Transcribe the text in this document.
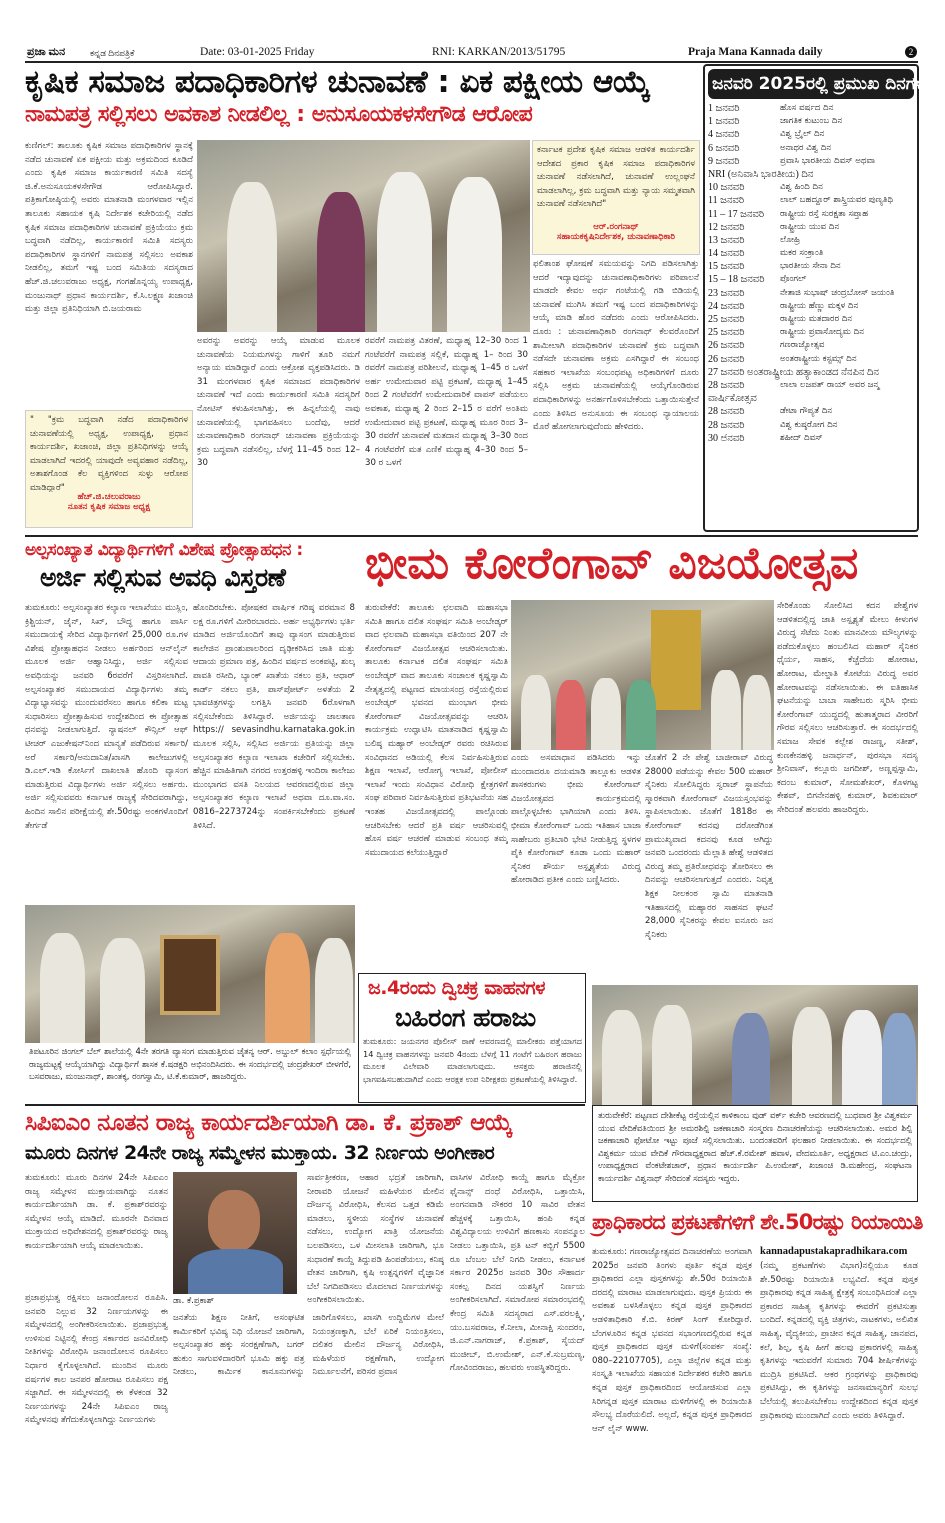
ಪ್ರಜಾ ಮನ	ಕನ್ನಡ ದಿನಪತ್ರಿಕೆ	Date: 03-01-2025 Friday	RNI: KARKAN/2013/51795	Praja Mana Kannada daily	2
ಕೃಷಿಕ ಸಮಾಜ ಪದಾಧಿಕಾರಿಗಳ ಚುನಾವಣೆ : ಏಕ ಪಕ್ಷೀಯ ಆಯ್ಕೆ
ನಾಮಪತ್ರ ಸಲ್ಲಿಸಲು ಅವಕಾಶ ನೀಡಲಿಲ್ಲ : ಅನುಸೂಯಕಳಸೇಗೌಡ ಆರೋಪ
ಕುಣಿಗಲ್: ತಾಲೂಕು ಕೃಷಿಕ ಸಮಾಜ ಪದಾಧಿಕಾರಿಗಳ ಸ್ಥಾನಕ್ಕೆ ನಡೆದ ಚುನಾವಣೆ ಏಕ ಪಕ್ಷೀಯ ಮತ್ತು ಅಕ್ರಮದಿಂದ ಕೂಡಿದೆ ಎಂದು ಕೃಷಿಕ ಸಮಾಜ ಕಾರ್ಯಕಾರಣಿ ಸಮಿತಿ ಸದಸ್ಯೆ ಜಿ.ಕೆ.ಅನುಸೂಯಕಳಸೇಗೌಡ ಆರೋಪಿಸಿದ್ದಾರೆ. ಪತ್ರಿಕಾಗೋಷ್ಠಿಯಲ್ಲಿ ಅವರು ಮಾತನಾಡಿ ಮಂಗಳವಾರ ಇಲ್ಲಿನ ತಾಲೂಕು ಸಹಾಯಕ ಕೃಷಿ ನಿರ್ದೇಶಕ ಕಚೇರಿಯಲ್ಲಿ ನಡೆದ ಕೃಷಿಕ ಸಮಾಜ ಪದಾಧಿಕಾರಿಗಳ ಚುನಾವಣೆ ಪ್ರಕ್ರಿಯೆಯು ಕ್ರಮ ಬದ್ಧವಾಗಿ ನಡೆದಿಲ್ಲ, ಕಾರ್ಯಕಾರಣಿ ಸಮಿತಿ ಸದಸ್ಯರು ಪದಾಧಿಕಾರಿಗಳ ಸ್ಥಾನಗಳಿಗೆ ನಾಮಪತ್ರ ಸಲ್ಲಿಸಲು ಅವಕಾಶ ನೀಡಲಿಲ್ಲ, ತಮಗೆ ಇಷ್ಟ ಬಂದ ಸಮಿತಿಯ ಸದಸ್ಯರಾದ ಹೆಚ್.ಜಿ.ಚಲುವರಾಜು ಅಧ್ಯಕ್ಷ, ಗಂಗಹೊನ್ನಯ್ಯ ಉಪಾಧ್ಯಕ್ಷ, ಮಂಜುನಾಥ್ ಪ್ರಧಾನ ಕಾರ್ಯದರ್ಶಿ, ಕೆ.ಸಿ.ಲಕ್ಷ್ಮಣ ಖಜಾಂಚಿ ಮತ್ತು ಜಿಲ್ಲಾ ಪ್ರತಿನಿಧಿಯಾಗಿ ಬಿ.ಜಯರಾಮ
" "ಕ್ರಮ ಬದ್ಧವಾಗಿ ನಡೆದ ಪದಾಧಿಕಾರಿಗಳ ಚುನಾವಣೆಯಲ್ಲಿ ಅಧ್ಯಕ್ಷ, ಉಪಾಧ್ಯಕ್ಷ, ಪ್ರಧಾನ ಕಾರ್ಯದರ್ಶಿ, ಖಜಾಂಚಿ, ಜಿಲ್ಲಾ ಪ್ರತಿನಿಧಿಗಳನ್ನು ಆಯ್ಕೆ ಮಾಡಲಾಗಿದೆ ಇದರಲ್ಲಿ ಯಾವುದೇ ಅವ್ಯವಹಾರ ನಡೆದಿಲ್ಲ, ಅತಾಶಗೊಂಡ ಕೆಲ ವ್ಯಕ್ತಿಗಳಿಂದ ಸುಳ್ಳು ಆರೋಪ ಮಾಡಿದ್ದಾರೆ"
ಹೆಚ್.ಜಿ.ಚಲುವರಾಜು
ನೂತನ ಕೃಷಿಕ ಸಮಾಜ ಅಧ್ಯಕ್ಷ
ಕರ್ನಾಟಕ ಪ್ರದೇಶ ಕೃಷಿಕ ಸಮಾಜ ಆಡಳಿತ ಕಾರ್ಯದರ್ಶಿ ಆದೇಶದ ಪ್ರಕಾರ ಕೃಷಿಕ ಸಮಾಜ ಪದಾಧಿಕಾರಿಗಳ ಚುನಾವಣೆ ನಡೆಸಲಾಗಿದೆ, ಚುನಾವಣೆ ಉಲ್ಲಂಘನೆ ಮಾಡಲಾಗಿಲ್ಲ, ಕ್ರಮ ಬದ್ಧವಾಗಿ ಮತ್ತು ನ್ಯಾಯ ಸಮ್ಮತವಾಗಿ ಚುನಾವಣೆ ನಡೆಸಲಾಗಿದೆ"
ಆರ್.ರಂಗನಾಥ್
ಸಹಾಯಕಕೃಷಿನಿರ್ದೇಶಕ, ಚುನಾವಣಾಧಿಕಾರಿ
ಅವರನ್ನು ಅವರನ್ನು ಆಯ್ಕೆ ಮಾಡುವ ಮೂಲಕ ಚುನಾವಣೆಯ ನಿಯಮಗಳನ್ನು ಗಾಳಿಗೆ ತೂರಿ ನಮಗೆ ಅನ್ಯಾಯ ಮಾಡಿದ್ದಾರೆ ಎಂದು ಆಕ್ರೋಶ ವ್ಯಕ್ತಪಡಿಸಿದರು. ಡಿ 31 ಮಂಗಳವಾರ ಕೃಷಿಕ ಸಮಾಜದ ಪದಾಧಿಕಾರಿಗಳ ಚುನಾವಣೆ ಇದೆ ಎಂದು ಕಾರ್ಯಕಾರಣಿ ಸಮಿತಿ ಸದಸ್ಯರಿಗೆ ನೋಟಿಸ್ ಕಳುಹಿಸಲಾಗಿತ್ತು, ಈ ಹಿನ್ನಲೆಯಲ್ಲಿ ನಾವು ಚುನಾವಣೆಯಲ್ಲಿ ಭಾಗವಹಿಸಲು ಬಂದೆವು, ಆದರೆ ಚುನಾವಣಾಧಿಕಾರಿ ರಂಗನಾಥ್ ಚುನಾವಣಾ ಪ್ರಕ್ರಿಯೆಯನ್ನು ಕ್ರಮ ಬದ್ಧವಾಗಿ ನಡೆಸಲಿಲ್ಲ, ಬೆಳಗ್ಗೆ 11–45 ರಿಂದ 12–30
ರವರೆಗೆ ನಾಮಪತ್ರ ವಿತರಣೆ, ಮಧ್ಯಾಹ್ನ 12–30 ರಿಂದ 1 ಗಂಟೆವರೆಗೆ ನಾಮಪತ್ರ ಸಲ್ಲಿಕೆ, ಮಧ್ಯಾಹ್ನ 1– ರಿಂದ 30 ರವರೆಗೆ ನಾಮಪತ್ರ ಪರಿಶೀಲನೆ, ಮಧ್ಯಾಹ್ನ 1–45 ರ ಒಳಗೆ ಅರ್ಹ ಉಮೇದುವಾರ ಪಟ್ಟಿ ಪ್ರಕಟಣೆ, ಮಧ್ಯಾಹ್ನ 1–45 ರಿಂದ 2 ಗಂಟೆವರೆಗೆ ಉಮೇದುವಾರಿಕೆ ವಾಪಸ್ ಪಡೆಯಲು ಅವಕಾಶ, ಮಧ್ಯಾಹ್ನ 2 ರಿಂದ 2–15 ರ ವರೆಗೆ ಅಂತಿಮ ಉಮೇದುವಾರ ಪಟ್ಟಿ ಪ್ರಕಟಣೆ, ಮಧ್ಯಾಹ್ನ ಮೂರ ರಿಂದ 3–30 ರವರೆಗೆ ಚುನಾವಣೆ ಮತದಾನ ಮಧ್ಯಾಹ್ನ 3–30 ರಿಂದ 4 ಗಂಟೆವರೆಗೆ ಮತ ಎಣಿಕೆ ಮಧ್ಯಾಹ್ನ 4–30 ರಿಂದ 5–30 ರ ಒಳಗೆ
ಫಲಿತಾಂಶ ಘೋಷಣೆ ಸಮಯವನ್ನು ನಿಗದಿ ಪಡಿಸಲಾಗಿತ್ತು ಆದರೆ ಇದ್ಯಾವುದನ್ನು ಚುನಾವಣಾಧಿಕಾರಿಗಳು ಪರಿಪಾಲನೆ ಮಾಡದೇ ಕೇವಲ ಅರ್ಧ ಗಂಟೆಯಲ್ಲಿ ಗಡಿ ಬಿಡಿಯಲ್ಲಿ ಚುನಾವಣೆ ಮುಗಿಸಿ ತಮಗೆ ಇಷ್ಟ ಬಂದ ಪದಾಧಿಕಾರಿಗಳನ್ನು ಆಯ್ಕೆ ಮಾಡಿ ಹೊರ ನಡೆದರು ಎಂದು ಆರೋಪಿಸಿದರು. ದೂರು : ಚುನಾವಣಾಧಿಕಾರಿ ರಂಗನಾಥ್ ಕೆಲವರೊಂದಿಗೆ ಶಾಮೀಲಾಗಿ ಪದಾಧಿಕಾರಿಗಳ ಚುನಾವಣೆ ಕ್ರಮ ಬದ್ಧವಾಗಿ ನಡೆಸದೇ ಚುನಾವಣಾ ಅಕ್ರಮ ಎಸಗಿದ್ದಾರೆ ಈ ಸಂಬಂಧ ಸಹಕಾರ ಇಲಾಖೆಯ ಸಂಬಂಧಪಟ್ಟ ಅಧಿಕಾರಿಗಳಿಗೆ ದೂರು ಸಲ್ಲಿಸಿ ಅಕ್ರಮ ಚುನಾವಣೆಯಲ್ಲಿ ಆಯ್ಕೆಗೊಂಡಿರುವ ಪದಾಧಿಕಾರಿಗಳನ್ನು ಅನರ್ಹಗೊಳಿಸಬೇಕೆಂದು ಒತ್ತಾಯಿಸುತ್ತೇನೆ ಎಂದು ತಿಳಿಸಿದ ಅನುಸೂಯ ಈ ಸಂಬಂಧ ನ್ಯಾಯಾಲಯ ಮೊರೆ ಹೋಗಲಾಗುವುದೆಂದು ಹೇಳಿದರು.
ಜನವರಿ 2025ರಲ್ಲಿ ಪ್ರಮುಖ ದಿನಗಳು
1 ಜನವರಿ	ಹೊಸ ವರ್ಷದ ದಿನ
1 ಜನವರಿ	ಜಾಗತಿಕ ಕುಟುಂಬ ದಿನ
4 ಜನವರಿ	ವಿಶ್ವ ಬ್ರೈಲ್ ದಿನ
6 ಜನವರಿ	ಅನಾಥರ ವಿಶ್ವ ದಿನ
9 ಜನವರಿ	ಪ್ರವಾಸಿ ಭಾರತೀಯ ದಿವಸ್ ಅಥವಾ
NRI (ಅನಿವಾಸಿ ಭಾರತೀಯ) ದಿನ
10 ಜನವರಿ	ವಿಶ್ವ ಹಿಂದಿ ದಿನ
11 ಜನವರಿ	ಲಾಲ್ ಬಹದ್ದೂರ್ ಶಾಸ್ತ್ರಿಯವರ ಪುಣ್ಯತಿಥಿ
11 – 17 ಜನವರಿ	ರಾಷ್ಟ್ರೀಯ ರಸ್ತೆ ಸುರಕ್ಷತಾ ಸಪ್ತಾಹ
12 ಜನವರಿ	ರಾಷ್ಟ್ರೀಯ ಯುವ ದಿನ
13 ಜನವರಿ	ಲೋಹ್ರಿ
14 ಜನವರಿ	ಮಕರ ಸಂಕ್ರಾಂತಿ
15 ಜನವರಿ	ಭಾರತೀಯ ಸೇನಾ ದಿನ
15 – 18 ಜನವರಿ	ಪೊಂಗಲ್
23 ಜನವರಿ	ನೇತಾಜಿ ಸುಭಾಷ್ ಚಂದ್ರಬೋಸ್ ಜಯಂತಿ
24 ಜನವರಿ	ರಾಷ್ಟ್ರೀಯ ಹೆಣ್ಣು ಮಕ್ಕಳ ದಿನ
25 ಜನವರಿ	ರಾಷ್ಟ್ರೀಯ ಮತದಾರರ ದಿನ
25 ಜನವರಿ	ರಾಷ್ಟ್ರೀಯ ಪ್ರವಾಸೋದ್ಯಮ ದಿನ
26 ಜನವರಿ	ಗಣರಾಜ್ಯೋತ್ಸವ
26 ಜನವರಿ	ಅಂತರಾಷ್ಟ್ರೀಯ ಕಸ್ಟಮ್ಸ್ ದಿನ
27 ಜನವರಿ ಅಂತರಾಷ್ಟ್ರೀಯ ಹತ್ಯಾಕಾಂಡದ ನೆನಪಿನ ದಿನ
28 ಜನವರಿ	ಲಾಲಾ ಲಜಪತ್ ರಾಯ್ ಅವರ ಜನ್ಮ
ವಾರ್ಷಿಕೋತ್ಸವ
28 ಜನವರಿ	ಡೇಟಾ ಗೌಪ್ಯತೆ ದಿನ
28 ಜನವರಿ	ವಿಶ್ವ ಕುಷ್ಠರೋಗ ದಿನ
30 ජನವರಿ	ಶಹೀದ್ ದಿವಸ್
ಅಲ್ಪಸಂಖ್ಯಾತ ವಿದ್ಯಾರ್ಥಿಗಳಿಗೆ ವಿಶೇಷ ಪ್ರೋತ್ಸಾಹಧನ :
ಅರ್ಜಿ ಸಲ್ಲಿಸುವ ಅವಧಿ ವಿಸ್ತರಣೆ
ತುಮಕೂರು: ಅಲ್ಪಸಂಖ್ಯಾತರ ಕಲ್ಯಾಣ ಇಲಾಖೆಯು ಮುಸ್ಲಿಂ, ಕ್ರಿಶ್ಚಿಯನ್, ಜೈನ್, ಸಿಖ್, ಬೌದ್ಧ ಹಾಗೂ ಪಾರ್ಸಿ ಸಮುದಾಯಕ್ಕೆ ಸೇರಿದ ವಿದ್ಯಾರ್ಥಿಗಳಿಗೆ 25,000 ರೂ.ಗಳ ವಿಶೇಷ ಪ್ರೋತ್ಸಾಹಧನ ನೀಡಲು ಅರ್ಹರಿಂದ ಆನ್‌ಲೈನ್ ಮೂಲಕ ಅರ್ಜಿ ಆಹ್ವಾನಿಸಿದ್ದು, ಅರ್ಜಿ ಸಲ್ಲಿಸುವ ಅವಧಿಯನ್ನು ಜನವರಿ 6ರವರೆಗೆ ವಿಸ್ತರಿಸಲಾಗಿದೆ. ಅಲ್ಪಸಂಖ್ಯಾತರ ಸಮುದಾಯದ ವಿದ್ಯಾರ್ಥಿಗಳು ತಮ್ಮ ವಿದ್ಯಾಭ್ಯಾಸವನ್ನು ಮುಂದುವರೆಸಲು ಹಾಗೂ ಕಲಿಕಾ ಮಟ್ಟ ಸುಧಾರಿಸಲು ಪ್ರೋತ್ಸಾಹಿಸುವ ಉದ್ದೇಶದಿಂದ ಈ ಪ್ರೋತ್ಸಾಹ ಧನವನ್ನು ನೀಡಲಾಗುತ್ತಿದೆ. ನ್ಯಾಷನಲ್ ಕೌನ್ಸಿಲ್ ಆಫ್ ಟೀಚರ್ ಎಜುಕೇಷನ್‌ನಿಂದ ಮಾನ್ಯತೆ ಪಡೆದಿರುವ ಸರ್ಕಾರಿ/ಅರೆ ಸರ್ಕಾರಿ/ಅನುದಾನಿತ/ಖಾಸಗಿ ಕಾಲೇಜುಗಳಲ್ಲಿ ಡಿ.ಎಲ್.ಇಡಿ ಕೋರ್ಸಿಗೆ ದಾಖಲಾತಿ ಹೊಂದಿ ವ್ಯಾಸಂಗ ಮಾಡುತ್ತಿರುವ ವಿದ್ಯಾರ್ಥಿಗಳು ಅರ್ಜಿ ಸಲ್ಲಿಸಲು ಅರ್ಹರು. ಅರ್ಜಿ ಸಲ್ಲಿಸುವವರು ಕರ್ನಾಟಕ ರಾಜ್ಯಕ್ಕೆ ಸೇರಿದವರಾಗಿದ್ದು, ಹಿಂದಿನ ಸಾಲಿನ ಪರೀಕ್ಷೆಯಲ್ಲಿ ಶೇ.50ರಷ್ಟು ಅಂಕಗಳೊಂದಿಗೆ ತೇರ್ಗಡೆ
ಹೊಂದಿರಬೇಕು. ಪೋಷಕರ ವಾರ್ಷಿಕ ಗರಿಷ್ಠ ವರಮಾನ 8 ಲಕ್ಷ ರೂ.ಗಳಿಗೆ ಮೀರಿರಬಾರದು. ಅರ್ಹ ಅಭ್ಯರ್ಥಿಗಳು ಭರ್ತಿ ಮಾಡಿದ ಅರ್ಜಿಯೊಂದಿಗೆ ತಾವು ವ್ಯಾಸಂಗ ಮಾಡುತ್ತಿರುವ ಕಾಲೇಜಿನ ಪ್ರಾಂಶುಪಾಲರಿಂದ ದೃಢೀಕರಿಸಿದ ಜಾತಿ ಮತ್ತು ಆದಾಯ ಪ್ರಮಾಣ ಪತ್ರ, ಹಿಂದಿನ ವರ್ಷದ ಅಂಕಪಟ್ಟಿ, ಶುಲ್ಕ ಪಾವತಿ ರಸೀದಿ, ಬ್ಯಾಂಕ್ ಖಾತೆಯ ನಕಲು ಪ್ರತಿ, ಆಧಾರ್ ಕಾರ್ಡ್ ನಕಲು ಪ್ರತಿ, ಪಾಸ್‌ಪೋರ್ಟ್ ಅಳತೆಯ 2 ಭಾವಚಿತ್ರಗಳನ್ನು ಲಗತ್ತಿಸಿ ಜನವರಿ 6ರೊಳಗಾಗಿ ಸಲ್ಲಿಸಬೇಕೆಂದು ತಿಳಿಸಿದ್ದಾರೆ. ಅರ್ಜಿಯನ್ನು ಜಾಲತಾಣ https:// sevasindhu.karnataka.gok.in ಮೂಲಕ ಸಲ್ಲಿಸಿ, ಸಲ್ಲಿಸಿದ ಅರ್ಜಿಯ ಪ್ರತಿಯನ್ನು ಜಿಲ್ಲಾ ಅಲ್ಪಸಂಖ್ಯಾತರ ಕಲ್ಯಾಣ ಇಲಾಖಾ ಕಚೇರಿಗೆ ಸಲ್ಲಿಸಬೇಕು. ಹೆಚ್ಚಿನ ಮಾಹಿತಿಗಾಗಿ ನಗರದ ಉತ್ತರಹಳ್ಳಿ ಇಂದಿರಾ ಕಾಲೇಜು ಮುಂಭಾಗದ ವಸತಿ ನಿಲಯದ ಆವರಣದಲ್ಲಿರುವ ಜಿಲ್ಲಾ ಅಲ್ಪಸಂಖ್ಯಾತರ ಕಲ್ಯಾಣ ಇಲಾಖೆ ಅಥವಾ ದೂ.ವಾ.ಸಂ. 0816–2273724ನ್ನು ಸಂಪರ್ಕಿಸಬೇಕೆಂದು ಪ್ರಕಟಣೆ ತಿಳಿಸಿದೆ.
ತಿಪಟೂರಿನ ಜಿಂಗಲ್ ಬೆಲ್ ಶಾಲೆಯಲ್ಲಿ 4ನೇ ತರಗತಿ ವ್ಯಾಸಂಗ ಮಾಡುತ್ತಿರುವ ಚೈತನ್ಯ ಆರ್. ಅಬ್ದುಲ್ ಕಲಾಂ ಸ್ಪರ್ಧೆಯಲ್ಲಿ ರಾಜ್ಯಮಟ್ಟಕ್ಕೆ ಆಯ್ಕೆಯಾಗಿದ್ದು ವಿದ್ಯಾರ್ಥಿಗೆ ಶಾಸಕ ಕೆ.ಷಡಕ್ಷರಿ ಅಭಿನಂದಿಸಿದರು. ಈ ಸಂದರ್ಭದಲ್ಲಿ ಚಂದ್ರಶೇಖರ್ ಬೀಳಗೆರೆ, ಬಸವರಾಜು, ಮಂಜುನಾಥ್, ಶಾಂತಕ್ಕ, ರಂಗಸ್ವಾಮಿ, ಟಿ.ಕೆ.ಕುಮಾರ್, ಹಾಜರಿದ್ದರು.
ಭೀಮ ಕೋರೆಂಗಾವ್ ವಿಜಯೋತ್ಸವ
ತುರುವೇಕೆರೆ: ತಾಲೂಕು ಛಲವಾದಿ ಮಹಾಸಭಾ ಸಮಿತಿ ಹಾಗೂ ದಲಿತ ಸಂಘರ್ಷ ಸಮಿತಿ ಅಂಬೇಡ್ಕರ್ ವಾದ ಛಲವಾದಿ ಮಹಾಸಭಾ ವತಿಯಿಂದ 207 ನೇ ಕೋರೆಂಗಾವ್ ವಿಜಯೋತ್ಸವ ಆಚರಿಸಲಾಯಿತು. ತಾಲೂಕು ಕರ್ನಾಟಕ ದಲಿತ ಸಂಘರ್ಷ ಸಮಿತಿ ಅಂಬೇಡ್ಕರ್ ವಾದ ತಾಲೂಕು ಸಂಚಾಲಕ ಕೃಷ್ಣಸ್ವಾಮಿ ನೇತೃತ್ವದಲ್ಲಿ ಪಟ್ಟಣದ ಮಾಯಸಂದ್ರ ರಸ್ತೆಯಲ್ಲಿರುವ ಅಂಬೇಡ್ಕರ್ ಭವನದ ಮುಂಭಾಗ ಭೀಮ ಕೋರೆಂಗಾವ್ ವಿಜಯೋತ್ಸವವನ್ನು ಆಚರಿಸಿ ಕಾರ್ಯಕ್ರಮ ಉದ್ಘಾಟಿಸಿ ಮಾತನಾಡಿದ ಕೃಷ್ಣಸ್ವಾಮಿ ಬಲಿಷ್ಠ ಮಹ್ಯಾರ್ ಅಂಬೇಡ್ಕರ್ ರವರು ರಚಿಸಿರುವ ಸಂವಿಧಾನದ ಅಡಿಯಲ್ಲಿ ಕೆಲಸ ನಿರ್ವಹಿಸುತ್ತಿರುವ ಶಿಕ್ಷಣ ಇಲಾಖೆ, ಆರೋಗ್ಯ ಇಲಾಖೆ, ಪೋಲೀಸ್ ಇಲಾಖೆ ಇಂದು ಸಂವಿಧಾನ ವಿರೋಧಿ ಕ್ಷೇತ್ರಗಳಿಗೆ ಸಂಘ ಪರಿವಾರ ನಿರ್ವಹಿಸುತ್ತಿರುವ ಪ್ರತಿಭಟನೆಯ ಸಹ ಇಂತಹ ವಿಜಯೋತ್ಸವದಲ್ಲಿ ಪಾಲ್ಗೊಂಡು ಆಚರಿಸಬೇಕು ಆದರೆ ಪ್ರತಿ ವರ್ಷ ಆಚರಿಸುವಲ್ಲಿ ಹೊಸ ವರ್ಷ ಆಚರಣೆ ಮಾಡುವ ಸಂಬಂಧ ತಮ್ಮ ಸಮುದಾಯದ ಕಲೆಯುತ್ತಿದ್ದಾರೆ
ಎಂದು ಅಸಮಾಧಾನ ಪಡಿಸಿದರು ಇನ್ನು ಮುಂದಾದರೂ ದಯಮಾಡಿ ತಾಲ್ಲೂಕು ಆಡಳಿತ ಶಾಸಕರುಗಳು ಭೀಮ ಕೋರೆಂಗಾವ್ ವಿಜಯೋತ್ಸವದ ಕಾರ್ಯಕ್ರಮದಲ್ಲಿ ಪಾಲ್ಗೊಳ್ಳಬೇಕು ಭಾಗಿಯಾಗಿ ಎಂದು ತಿಳಿಸಿ. ಭೀಮಾ ಕೋರೆಂಗಾವ್ ಒಂದು ಇತಿಹಾಸ ಬಾಜಾ ಸಾಹೇಬರು ಪ್ರತಿಬಾರಿ ಭೇಟಿ ನೀಡುತ್ತಿದ್ದ ಸ್ಥಳಗಳ ಪೈಕಿ ಕೋರೆಂಗಾವ್ ಕೂಡಾ ಒಂದು ಮಹಾರ್ ಸೈನಿಕರ ಶೌರ್ಯ ಅಸ್ಪೃಶ್ಯತೆಯ ವಿರುದ್ಧ ಹೋರಾಡಿದ ಪ್ರತೀಕ ಎಂದು ಬಣ್ಣಿಸಿದರು.
ಜೊತೆಗೆ 2 ನೇ ಪೇಶ್ವೆ ಬಾಜೀರಾವ್ ವಿರುದ್ಧ 28000 ಪಡೆಯನ್ನು ಕೇವಲ 500 ಮಹಾರ್ ಸೈನಿಕರು ಸೋಲಿಸಿದ್ದರು ಸ್ವರಾಜ್ ಸ್ಥಾಪನೆಯ ಸ್ಮಾರಕವಾಗಿ ಕೋರೆಂಗಾವ್ ವಿಜಯಸ್ತಂಭವನ್ನು ಸ್ಥಾಪಿಸಲಾಯಿತು. ಜೊತೆಗೆ 1818ರ ಈ ಕೋರೆಂಗಾವ್ ಕದನವು ದರೋಡೆಗಿಂತ ಪ್ರಾಮುಖ್ಯವಾದ ಕದನವು ಕೂಡ ಆಗಿದ್ದು ಜನವರಿ ಒಂದರಂದು ಮೆಲ್ಲಾತಿ ಹೇಶ್ವೆ ಆಡಳಿತದ ವಿರುದ್ಧ ತಮ್ಮ ಪ್ರತಿರೋಧವನ್ನು ತೋರಿಸಲು ಈ ದಿನವನ್ನು ಆಚರಿಸಲಾಗುತ್ತದೆ ಎಂದರು. ನಿವೃತ್ತ ಶಿಕ್ಷಕ ನೀಲಕಂಠ ಸ್ವಾಮಿ ಮಾತನಾಡಿ ಇತಿಹಾಸದಲ್ಲಿ ಮಹ್ಯಾರರ ಸಾಹಸದ ಘಟನೆ 28,000 ಸೈನಿಕರನ್ನು ಕೇವಲ ಐನೂರು ಜನ ಸೈನಿಕರು
ಸೇರಿಕೊಂಡು ಸೋಲಿಸಿದ ಕದನ ಪೇಶ್ವೆಗಳ ಆಡಳಿತದಲ್ಲಿದ್ದ ಜಾತಿ ಅಸ್ಪೃಶ್ಯತೆ ಮೇಲು ಕೀಳುಗಳ ವಿರುದ್ಧ ಸೆಟೆದು ನಿಂತು ಮಾನವೀಯ ಮೌಲ್ಯಗಳನ್ನು ಪಡೆದುಕೊಳ್ಳಲು ಹಂಬಲಿಸಿದ ಮಹಾರ್ ಸೈನಿಕರ ಧೈರ್ಯ, ಸಾಹಸ, ಕೆಚ್ಚೆದೆಯ ಹೋರಾಟ, ಹೋರಾಟ, ಮೇಲ್ಜಾತಿ ಕೋಟೆಯ ವಿರುದ್ಧ ಅವರ ಹೋರಾಟವನ್ನು ನಡೆಸಲಾಯಿತು. ಈ ಐತಿಹಾಸಿಕ ಘಟನೆಯನ್ನು ಬಾಬಾ ಸಾಹೇಬರು ಸ್ಮರಿಸಿ ಭೀಮ ಕೋರೆಂಗಾವ್ ಯುದ್ಧದಲ್ಲಿ ಹುತಾತ್ಮರಾದ ವೀರರಿಗೆ ಗೌರವ ಸಲ್ಲಿಸಲು ಆಚರಿಸುತ್ತಾರೆ. ಈ ಸಂದರ್ಭದಲ್ಲಿ ಸಮಾಜ ಸೇವಕ ಕಲ್ಲೇಶ ರಾಜಣ್ಣ, ಸತೀಶ್, ಕುಣಕೇನಹಳ್ಳಿ ಜನಾರ್ಧನ್, ಪುರಸಭಾ ಸದಸ್ಯ ಶ್ರೀನಿವಾಸ್, ಕಲ್ಲೂರು ಜಗದೀಶ್, ಅಣ್ಣಪ್ಪಸ್ವಾಮಿ, ಕದಂಬ ಕುಮಾರ್, ಸೋಮಶೇಖರ್, ಕೊಳಗಟ್ಟ ಕೇಶವ್, ಬಿಗನೇನಹಳ್ಳಿ ಕುಮಾರ್, ಶಿವಕುಮಾರ್ ಸೇರಿದಂತೆ ಹಲವರು ಹಾಜರಿದ್ದರು.
ಜ.4ರಂದು ದ್ವಿಚಕ್ರ ವಾಹನಗಳ
ಬಹಿರಂಗ ಹರಾಜು
ತುಮಕೂರು: ಜಯನಗರ ಪೊಲೀಸ್ ಠಾಣೆ ಆವರಣದಲ್ಲಿ ಮಾಲೀಕರು ಪತ್ತೆಯಾಗದ 14 ದ್ವಿಚಕ್ರ ವಾಹನಗಳನ್ನು ಜನವರಿ 4ರಂದು ಬೆಳಗ್ಗೆ 11 ಗಂಟೆಗೆ ಬಹಿರಂಗ ಹರಾಜು ಮೂಲಕ ವಿಲೇವಾರಿ ಮಾಡಲಾಗುವುದು. ಆಸಕ್ತರು ಹರಾಜಿನಲ್ಲಿ ಭಾಗವಹಿಸಬಹುದಾಗಿದೆ ಎಂದು ಆರಕ್ಷಕ ಉಪ ನಿರೀಕ್ಷಕರು ಪ್ರಕಟಣೆಯಲ್ಲಿ ತಿಳಿಸಿದ್ದಾರೆ.
ತುರುವೇಕೆರೆ: ಪಟ್ಟಣದ ದೇಶೀಕೆಟ್ಟ ರಸ್ತೆಯಲ್ಲಿನ ಕಾಳಿಕಾಂಬ ವುಡ್ ವರ್ಕ್ ಕಚೇರಿ ಆವರಣದಲ್ಲಿ ಬುಧವಾರ ಶ್ರೀ ವಿಶ್ವಕರ್ಮ ಯುವ ವೇದಿಕೆವತಿಯಿಂದ ಶ್ರೀ ಅಮರಶಿಲ್ಪಿ ಜಕಣಾಚಾರಿ ಸಂಸ್ಮರಣ ದಿನಾಚರಣೆಯನ್ನು ಆಚರಿಸಲಾಯಿತು. ಅಮರ ಶಿಲ್ಪಿ ಜಕಣಾಚಾರಿ ಫೋಟೋ ಇಟ್ಟು ಪೂಜೆ ಸಲ್ಲಿಸಲಾಯಿತು. ಬಂದಂತವರಿಗೆ ಫಲಹಾರ ನೀಡಲಾಯಿತು. ಈ ಸಂದರ್ಭದಲ್ಲಿ ವಿಶ್ವಕರ್ಮ ಯುವ ವೇದಿಕೆ ಗೌರವಾಧ್ಯಕ್ಷರಾದ ಹೆಚ್.ಕೆ.ರಮೇಶ್ ಹವಾಳ, ವೇದಮೂರ್ತಿ, ಅಧ್ಯಕ್ಷರಾದ ಟಿ.ಎಂ.ಚಂದ್ರು, ಉಪಾಧ್ಯಕ್ಷರಾದ ವೆಂಕಟೇಶಚಾರ್, ಪ್ರಧಾನ ಕಾರ್ಯದರ್ಶಿ ಪಿ.ಉಮೇಶ್, ಖಜಾಂಚಿ ಡಿ.ಮಹೇಂದ್ರ, ಸಂಘಟನಾ ಕಾರ್ಯದರ್ಶಿ ವಿಶ್ವನಾಥ್ ಸೇರಿದಂತೆ ಸದಸ್ಯರು ಇದ್ದರು.
ಸಿಪಿಐಎಂ ನೂತನ ರಾಜ್ಯ ಕಾರ್ಯದರ್ಶಿಯಾಗಿ ಡಾ. ಕೆ. ಪ್ರಕಾಶ್ ಆಯ್ಕೆ
ಮೂರು ದಿನಗಳ 24ನೇ ರಾಜ್ಯ ಸಮ್ಮೇಳನ ಮುಕ್ತಾಯ. 32 ನಿರ್ಣಯ ಅಂಗೀಕಾರ
ತುಮಕೂರು: ಮೂರು ದಿನಗಳ 24ನೇ ಸಿಪಿಐಎಂ ರಾಜ್ಯ ಸಮ್ಮೇಳನ ಮುಕ್ತಾಯವಾಗಿದ್ದು ನೂತನ ಕಾರ್ಯದರ್ಶಿಯಾಗಿ ಡಾ. ಕೆ. ಪ್ರಕಾಶ್‌ರವರನ್ನು ಸಮ್ಮೇಳನ ಆಯ್ಕೆ ಮಾಡಿದೆ. ಮೂರನೇ ದಿನವಾದ ಮುಕ್ತಾಯದ ಅಧಿವೇಶನದಲ್ಲಿ ಪ್ರಕಾಶ್‌ರವರನ್ನು ರಾಜ್ಯ ಕಾರ್ಯದರ್ಶಿಯಾಗಿ ಆಯ್ಕೆ ಮಾಡಲಾಯಿತು.
ಪ್ರಜಾಪ್ರಭುತ್ವ ರಕ್ಷಿಸಲು ಜನಾಂದೋಲನ ರೂಪಿಸಿ. ಜನವರಿ ನಿಲ್ಲುವ 32 ನಿರ್ಣಯಗಳನ್ನು ಈ ಸಮ್ಮೇಳನದಲ್ಲಿ ಅಂಗೀಕರಿಸಲಾಯಿತು. ಪ್ರಜಾಪ್ರಭುತ್ವ ಉಳಿಸುವ ನಿಟ್ಟಿನಲ್ಲಿ ಕೇಂದ್ರ ಸರ್ಕಾರದ ಜನವಿರೋಧಿ ನೀತಿಗಳನ್ನು ವಿರೋಧಿಸಿ ಜನಾಂದೋಲನ ರೂಪಿಸಲು ನಿರ್ಧಾರ ಕೈಗೊಳ್ಳಲಾಗಿದೆ. ಮುಂದಿನ ಮೂರು ವರ್ಷಗಳ ಕಾಲ ಜನಪರ ಹೋರಾಟ ರೂಪಿಸಲು ಪಕ್ಷ ಸಜ್ಜಾಗಿದೆ. ಈ ಸಮ್ಮೇಳನದಲ್ಲಿ ಈ ಕೆಳಕಂಡ 32 ನಿರ್ಣಯಗಳನ್ನು 24ನೇ ಸಿಪಿಐಎಂ ರಾಜ್ಯ ಸಮ್ಮೇಳನವು ತೆಗೆದುಕೊಳ್ಳಲಾಗಿದ್ದು ನಿರ್ಣಯಗಳು
ಡಾ. ಕೆ.ಪ್ರಕಾಶ್
ಸಾರ್ವತ್ರೀಕರಣ, ಆಹಾರ ಭದ್ರತೆ ಜಾರಿಗಾಗಿ, ನೀರಾವರಿ ಯೋಜನೆ ಮಹಿಳೆಯರ ಮೇಲಿನ ದೌರ್ಜನ್ಯ ವಿರೋಧಿಸಿ, ಕೆಲಸದ ಒತ್ತಡ ಕಡಿಮೆ ಮಾಡಲು, ಸ್ಥಳೀಯ ಸಂಸ್ಥೆಗಳ ಚುನಾವಣೆ ನಡೆಸಲು, ಉದ್ಯೋಗ ಖಾತ್ರಿ ಯೋಜನೆಯ ಬಲಪಡಿಸಲು, ಒಳ ಮೀಸಲಾತಿ ಜಾರಿಗಾಗಿ, ಭೂ ಸುಧಾರಣೆ ಕಾಯ್ದೆ ತಿದ್ದುಪಡಿ ಹಿಂಪಡೆಯಲು, ಕನಿಷ್ಠ ವೇತನ ಜಾರಿಗಾಗಿ, ಕೃಷಿ ಉತ್ಪನ್ನಗಳಿಗೆ ವೈಜ್ಞಾನಿಕ ಬೆಲೆ ನಿಗದಿಪಡಿಸಲು ಮೊದಲಾದ ನಿರ್ಣಯಗಳನ್ನು ಅಂಗೀಕರಿಸಲಾಯಿತು.
ಜನತೆಯ ಶಿಕ್ಷಣ ನೀತಿಗೆ, ಅಸಂಘಟಿತ ಕಾರ್ಮಿಕರಿಗೆ ಭವಿಷ್ಯ ನಿಧಿ ಯೋಜನೆ ಜಾರಿಗಾಗಿ, ಅಲ್ಪಸಂಖ್ಯಾತರ ಹಕ್ಕು ಸಂರಕ್ಷಣೆಗಾಗಿ, ಬಗರ್ ಹುಕುಂ ಸಾಗುವಳಿದಾರರಿಗೆ ಭೂಮಿ ಹಕ್ಕು ಪತ್ರ ನೀಡಲು, ಕಾರ್ಮಿಕ ಕಾನೂನುಗಳನ್ನು ಜಾರಿಗೊಳಿಸಲು, ಖಾಸಗಿ ಉದ್ದಿಮೆಗಳ ಮೇಲೆ ನಿಯಂತ್ರಣಕ್ಕಾಗಿ, ಬೆಲೆ ಏರಿಕೆ ನಿಯಂತ್ರಿಸಲು, ದಲಿತರ ಮೇಲಿನ ದೌರ್ಜನ್ಯ ವಿರೋಧಿಸಿ, ಮಹಿಳೆಯರ ರಕ್ಷಣೆಗಾಗಿ, ಉದ್ಯೋಗ ನಿರ್ಮೂಲನೆಗೆ, ಪರಿಸರ ಪ್ರವಾಸ
ವಾಸಿಗಳ ವಿರೋಧಿ ಕಾಯ್ದೆ ಹಾಗೂ ಮೈಕ್ರೋ ಫೈನಾನ್ಸ್ ದಂಧೆ ವಿರೋಧಿಸಿ, ಒತ್ತಾಯಿಸಿ, ಅಂಗನವಾಡಿ ನೌಕರರ 10 ಸಾವಿರ ವೇತನ ಹೆಚ್ಚಳಕ್ಕೆ ಒತ್ತಾಯಿಸಿ, ಹಂಪಿ ಕನ್ನಡ ವಿಶ್ವವಿದ್ಯಾಲಯ ಉಳಿವಿಗೆ ಹಣಕಾಸು ಸಂಪನ್ಮೂಲ ನೀಡಲು ಒತ್ತಾಯಿಸಿ, ಪ್ರತಿ ಟನ್ ಕಬ್ಬಿಗೆ 5500 ರೂ ಬೆಂಬಲ ಬೆಲೆ ನಿಗದಿ ನೀಡಲು, ಕರ್ನಾಟಕ ಸರ್ಕಾರ 2025ರ ಜನವರಿ 30ರ ಸೌಹಾರ್ದ ಸಂಕಲ್ಪ ದಿನದ ಯಶಸ್ವಿಗೆ ನಿರ್ಣಯ ಅಂಗೀಕರಿಸಲಾಗಿದೆ. ಸಮಾರೋಪ ಸಮಾರಂಭದಲ್ಲಿ ಕೇಂದ್ರ ಸಮಿತಿ ಸದಸ್ಯರಾದ ಎಸ್.ವರಲಕ್ಷ್ಮಿ, ಯು.ಬಸವರಾಜ, ಕೆ.ನೀಲಾ, ಮೀನಾಕ್ಷಿ ಸುಂದರಂ, ಜಿ.ಎನ್.ನಾಗರಾಜ್, ಕೆ.ಪ್ರಕಾಶ್, ಸೈಯದ್ ಮುಜೀಬ್, ಬಿ.ಉಮೇಶ್, ಎನ್.ಕೆ.ಸುಬ್ರಮಣ್ಯ, ಗೋವಿಂದರಾಜು, ಹಲವರು ಉಪಸ್ಥಿತರಿದ್ದರು.
ಪ್ರಾಧಿಕಾರದ ಪ್ರಕಟಣೆಗಳಿಗೆ ಶೇ.50ರಷ್ಟು ರಿಯಾಯಿತಿ
ತುಮಕೂರು: ಗಣರಾಜ್ಯೋತ್ಸವದ ದಿನಾಚರಣೆಯ ಅಂಗವಾಗಿ 2025ರ ಜನವರಿ ತಿಂಗಳು ಪೂರ್ತಿ ಕನ್ನಡ ಪುಸ್ತಕ ಪ್ರಾಧಿಕಾರದ ಎಲ್ಲಾ ಪುಸ್ತಕಗಳನ್ನು ಶೇ.50ರ ರಿಯಾಯಿತಿ ದರದಲ್ಲಿ ಮಾರಾಟ ಮಾಡಲಾಗುವುದು. ಪುಸ್ತಕ ಪ್ರಿಯರು ಈ ಅವಕಾಶ ಬಳಸಿಕೊಳ್ಳಲು ಕನ್ನಡ ಪುಸ್ತಕ ಪ್ರಾಧಿಕಾರದ ಆಡಳಿತಾಧಿಕಾರಿ ಕೆ.ಬಿ. ಕಿರಣ್ ಸಿಂಗ್ ಕೋರಿದ್ದಾರೆ. ಬೆಂಗಳೂರಿನ ಕನ್ನಡ ಭವನದ ಸಭಾಂಗಣದಲ್ಲಿರುವ ಕನ್ನಡ ಪುಸ್ತಕ ಪ್ರಾಧಿಕಾರದ ಪುಸ್ತಕ ಮಳಿಗೆ(ಸಂಪರ್ಕ ಸಂಖ್ಯೆ: 080–22107705), ಎಲ್ಲಾ ಜಿಲ್ಲೆಗಳ ಕನ್ನಡ ಮತ್ತು ಸಂಸ್ಕೃತಿ ಇಲಾಖೆಯ ಸಹಾಯಕ ನಿರ್ದೇಶಕರ ಕಚೇರಿ ಹಾಗೂ ಕನ್ನಡ ಪುಸ್ತಕ ಪ್ರಾಧಿಕಾರದಿಂದ ಆಯೋಜಿಸುವ ಎಲ್ಲಾ ಸಿರಿಗನ್ನಡ ಪುಸ್ತಕ ಮಾರಾಟ ಮಳಿಗೆಗಳಲ್ಲಿ ಈ ರಿಯಾಯಿತಿ ಸೌಲಭ್ಯ ದೊರೆಯಲಿದೆ. ಅಲ್ಲದೆ, ಕನ್ನಡ ಪುಸ್ತಕ ಪ್ರಾಧಿಕಾರದ ಆನ್ ಲೈನ್ www.
kannadapustakapradhikara.com
(ನಮ್ಮ ಪ್ರಕಟಣೆಗಳು ವಿಭಾಗ)ನಲ್ಲಿಯೂ ಕೂಡ ಶೇ.50ರಷ್ಟು ರಿಯಾಯಿತಿ ಲಭ್ಯವಿದೆ. ಕನ್ನಡ ಪುಸ್ತಕ ಪ್ರಾಧಿಕಾರವು ಕನ್ನಡ ಸಾಹಿತ್ಯ ಕ್ಷೇತ್ರಕ್ಕೆ ಸಂಬಂಧಿಸಿದಂತೆ ಎಲ್ಲಾ ಪ್ರಕಾರದ ಸಾಹಿತ್ಯ ಕೃತಿಗಳನ್ನು ಈವರೆಗೆ ಪ್ರಕಟಿಸುತ್ತಾ ಬಂದಿದೆ. ಕನ್ನಡದಲ್ಲಿ ವ್ಯಕ್ತಿ ಚಿತ್ರಗಳು, ನಾಟಕಗಳು, ಅಲಿಖಿತ ಸಾಹಿತ್ಯ, ವೈದ್ಯಕೀಯ, ಪ್ರಾಚೀನ ಕನ್ನಡ ಸಾಹಿತ್ಯ, ಜಾನಪದ, ಕಲೆ, ಶಿಲ್ಪ, ಕೃಷಿ ಹೀಗೆ ಹಲವು ಪ್ರಕಾರಗಳಲ್ಲಿ ಸಾಹಿತ್ಯ ಕೃತಿಗಳನ್ನು ಇದುವರೆಗೆ ಸುಮಾರು 704 ಶೀರ್ಷಿಕೆಗಳನ್ನು ಮುದ್ರಿಸಿ ಪ್ರಕಟಿಸಿದೆ. ಆಕರ ಗ್ರಂಥಗಳನ್ನು ಪ್ರಾಧಿಕಾರವು ಪ್ರಕಟಿಸಿದ್ದು, ಈ ಕೃತಿಗಳನ್ನು ಜನಸಾಮಾನ್ಯರಿಗೆ ಸುಲಭ ಬೆಲೆಯಲ್ಲಿ ತಲುಪಿಸಬೇಕೆಂಬ ಉದ್ದೇಶದಿಂದ ಕನ್ನಡ ಪುಸ್ತಕ ಪ್ರಾಧಿಕಾರವು ಮುಂದಾಗಿದೆ ಎಂದು ಅವರು ತಿಳಿಸಿದ್ದಾರೆ.
